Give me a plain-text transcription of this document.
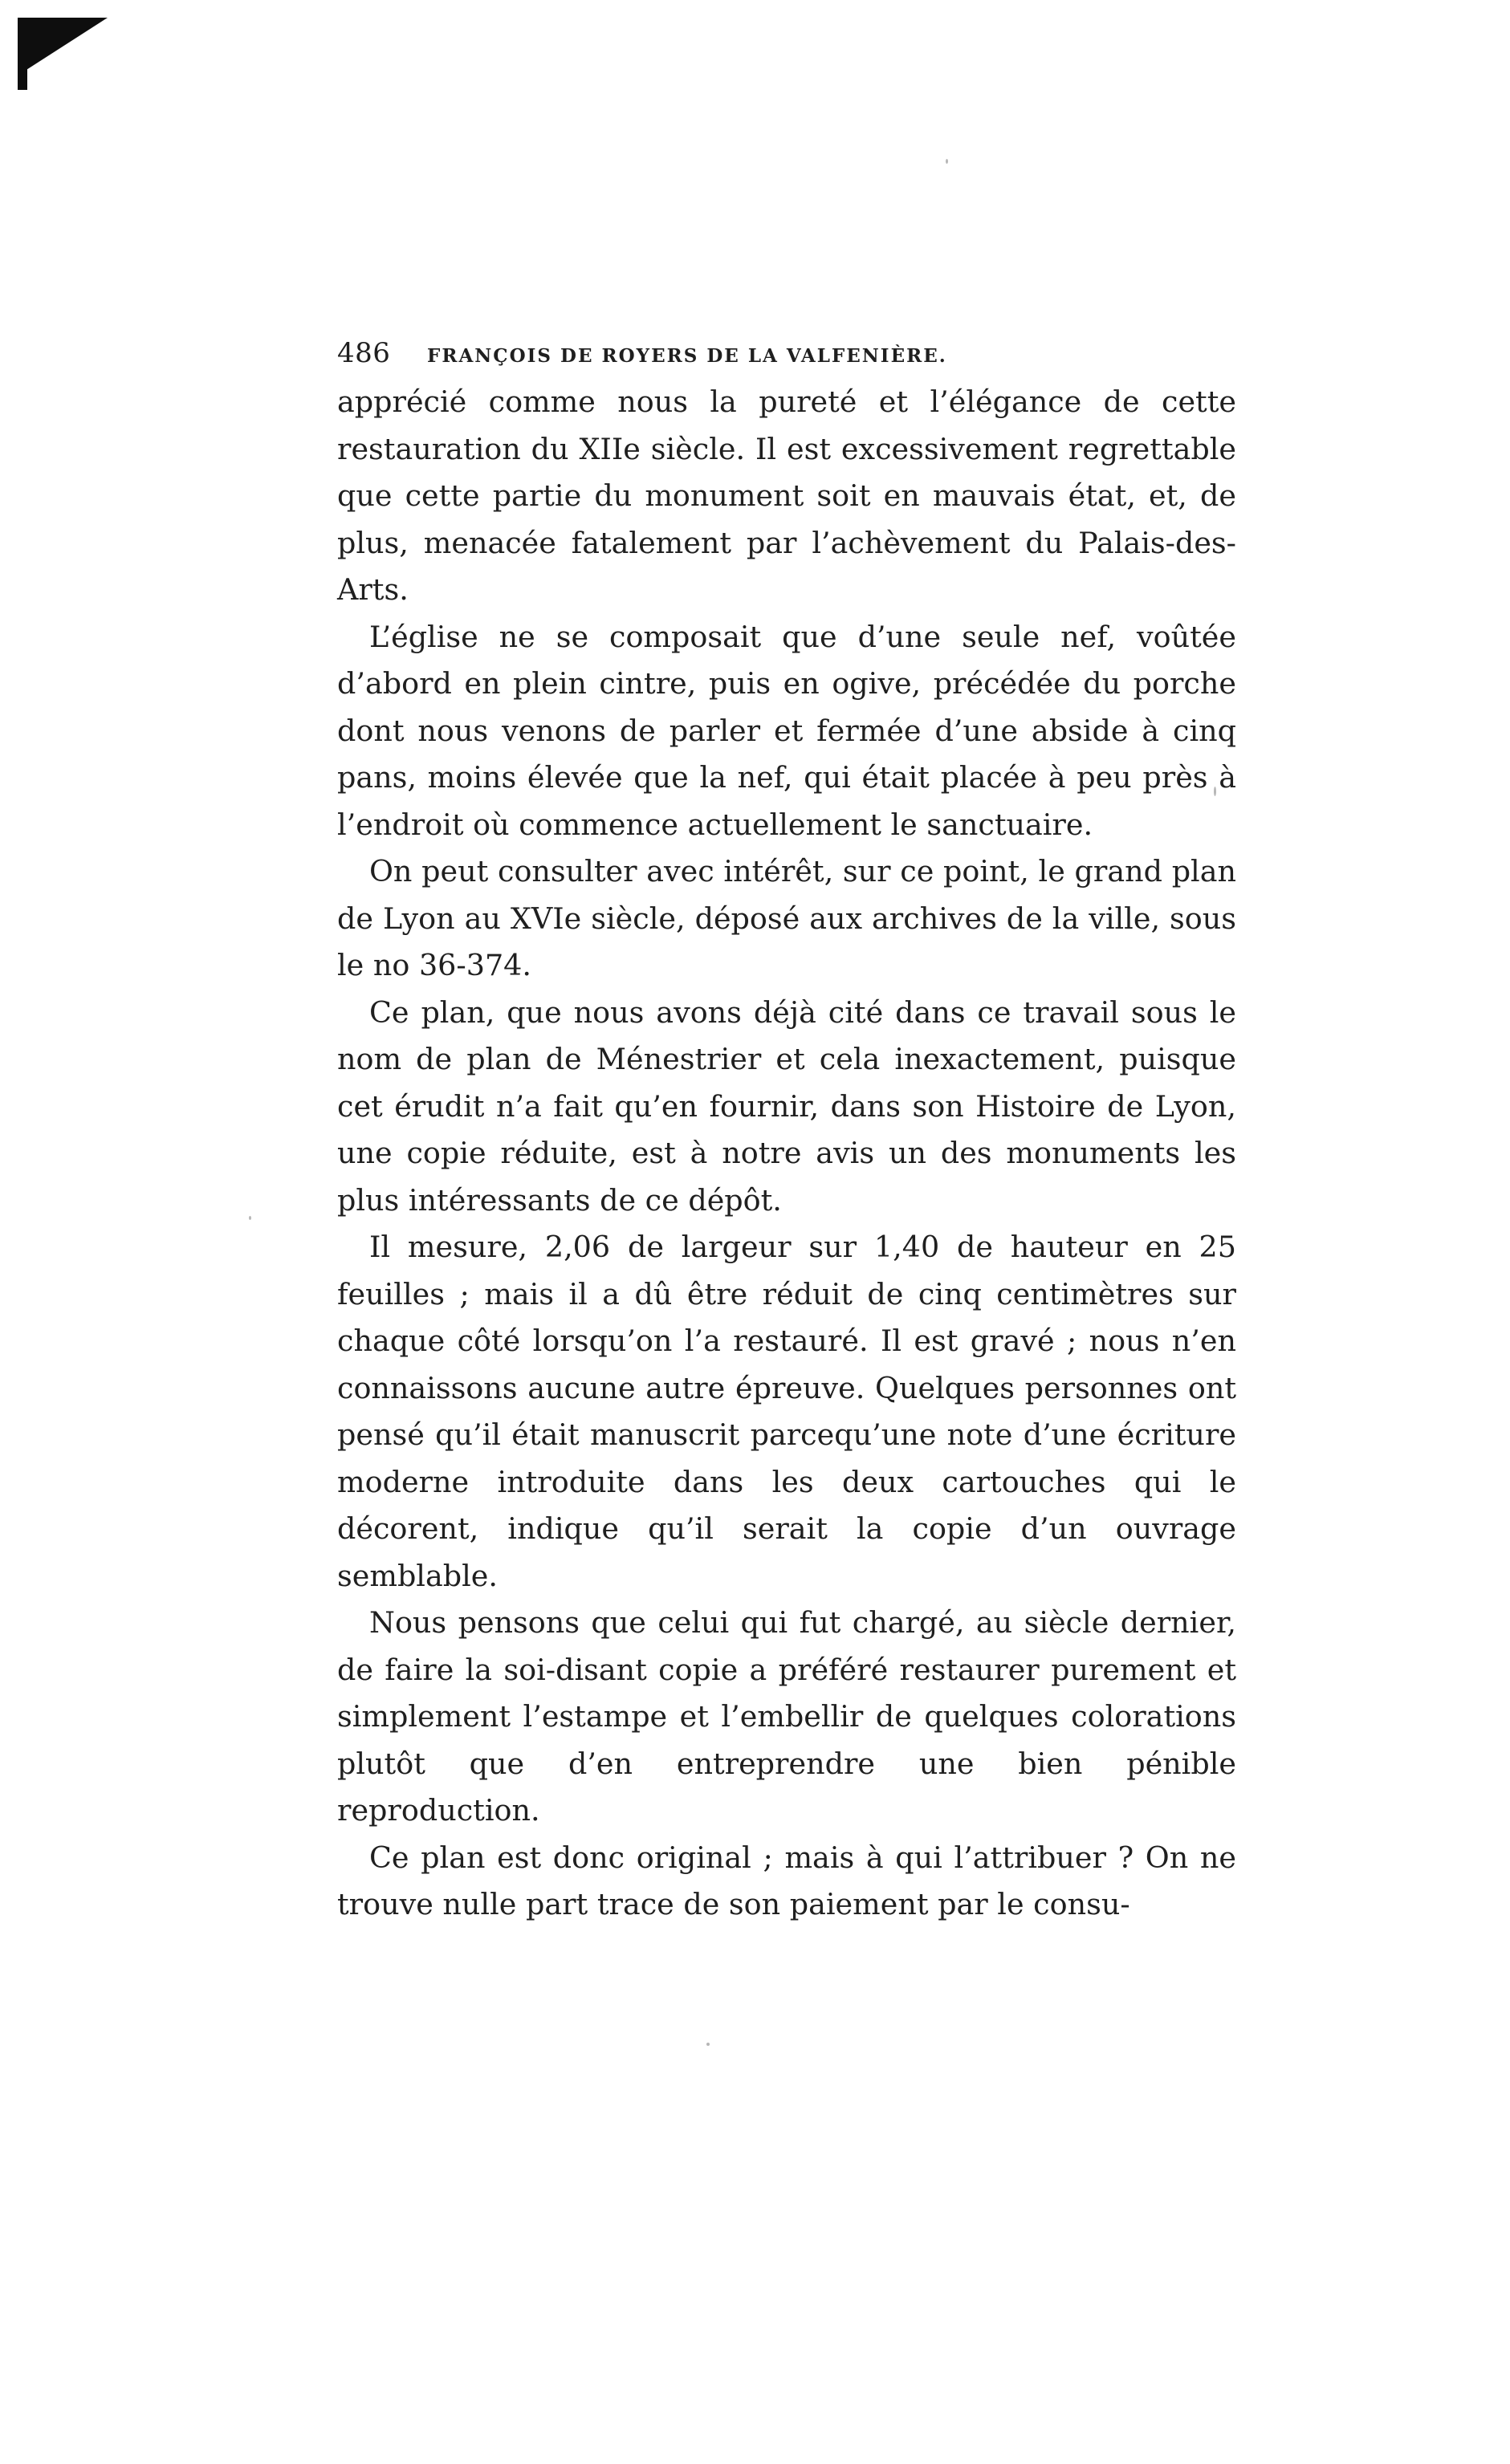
486	FRANÇOIS DE ROYERS DE LA VALFENIÈRE.

apprécié comme nous la pureté et l’élégance de cette restauration du XIIe siècle. Il est excessivement regrettable que cette partie du monument soit en mauvais état, et, de plus, menacée fatalement par l’achèvement du Palais-des-Arts.

L’église ne se composait que d’une seule nef, voûtée d’abord en plein cintre, puis en ogive, précédée du porche dont nous venons de parler et fermée d’une abside à cinq pans, moins élevée que la nef, qui était placée à peu près à l’endroit où commence actuellement le sanctuaire.

On peut consulter avec intérêt, sur ce point, le grand plan de Lyon au XVIe siècle, déposé aux archives de la ville, sous le no 36-374.

Ce plan, que nous avons déjà cité dans ce travail sous le nom de plan de Ménestrier et cela inexactement, puisque cet érudit n’a fait qu’en fournir, dans son Histoire de Lyon, une copie réduite, est à notre avis un des monuments les plus intéressants de ce dépôt.

Il mesure, 2,06 de largeur sur 1,40 de hauteur en 25 feuilles ; mais il a dû être réduit de cinq centimètres sur chaque côté lorsqu’on l’a restauré. Il est gravé ; nous n’en connaissons aucune autre épreuve. Quelques personnes ont pensé qu’il était manuscrit parcequ’une note d’une écriture moderne introduite dans les deux cartouches qui le décorent, indique qu’il serait la copie d’un ouvrage semblable.

Nous pensons que celui qui fut chargé, au siècle dernier, de faire la soi-disant copie a préféré restaurer purement et simplement l’estampe et l’embellir de quelques colorations plutôt que d’en entreprendre une bien pénible reproduction.

Ce plan est donc original ; mais à qui l’attribuer ? On ne trouve nulle part trace de son paiement par le consu-
